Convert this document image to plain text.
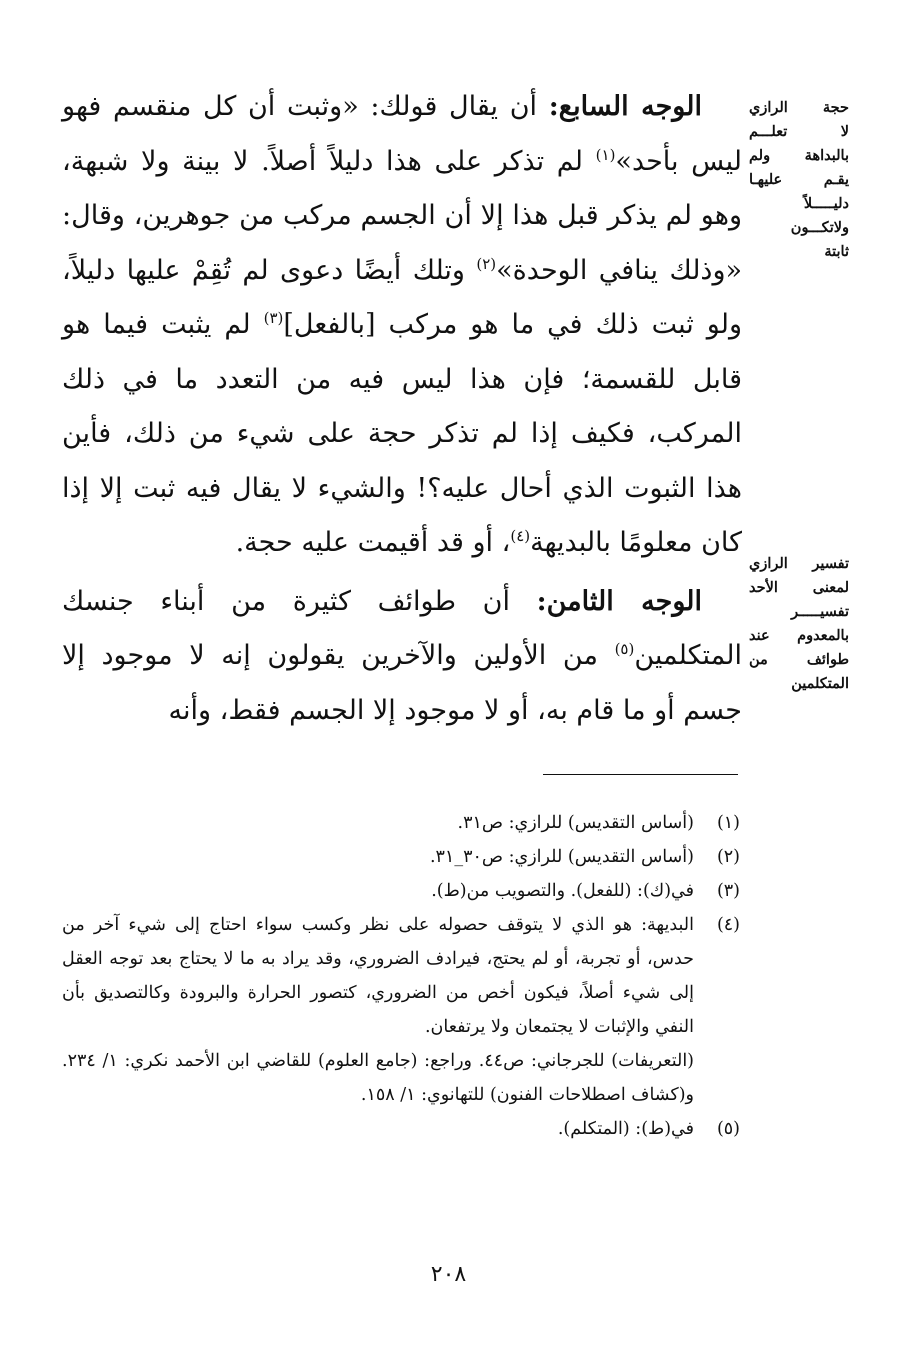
الوجه السابع: أن يقال قولك: «وثبت أن كل منقسم فهو ليس بأحد»$^{(١)}$ لم تذكر على هذا دليلاً أصلاً. لا بينة ولا شبهة، وهو لم يذكر قبل هذا إلا أن الجسم مركب من جوهرين، وقال: «وذلك ينافي الوحدة»$^{(٢)}$ وتلك أيضًا دعوى لم تُقِمْ عليها دليلاً، ولو ثبت ذلك في ما هو مركب [بالفعل]$^{(٣)}$ لم يثبت فيما هو قابل للقسمة؛ فإن هذا ليس فيه من التعدد ما في ذلك المركب، فكيف إذا لم تذكر حجة على شيء من ذلك، فأين هذا الثبوت الذي أحال عليه؟! والشيء لا يقال فيه ثبت إلا إذا كان معلومًا بالبديهة$^{(٤)}$، أو قد أقيمت عليه حجة.

الوجه الثامن: أن طوائف كثيرة من أبناء جنسك المتكلمين$^{(٥)}$ من الأولين والآخرين يقولون إنه لا موجود إلا جسم أو ما قام به، أو لا موجود إلا الجسم فقط، وأنه

حجة الرازي
لا تعلـــم
بالبداهة ولم
يقـم عليهـا
دليـــــلاً
ولاتكـــون
ثابتة
تفسير الرازي
لمعنى الأحد
تفسيـــــر
بالمعدوم عند
طوائف من
المتكلمين
(١)
(أساس التقديس) للرازي: ص٣١.
(٢)
(أساس التقديس) للرازي: ص٣٠_٣١.
(٣)
في(ك): (للفعل). والتصويب من(ط).
(٤)
البديهة: هو الذي لا يتوقف حصوله على نظر وكسب سواء احتاج إلى شيء آخر من حدس، أو تجربة، أو لم يحتج، فيرادف الضروري، وقد يراد به ما لا يحتاج بعد توجه العقل إلى شيء أصلاً، فيكون أخص من الضروري، كتصور الحرارة والبرودة وكالتصديق بأن النفي والإثبات لا يجتمعان ولا يرتفعان.
(التعريفات) للجرجاني: ص٤٤. وراجع: (جامع العلوم) للقاضي ابن الأحمد نكري: ١/ ٢٣٤. و(كشاف اصطلاحات الفنون) للتهانوي: ١/ ١٥٨.
(٥)
في(ط): (المتكلم).
٢٠٨
